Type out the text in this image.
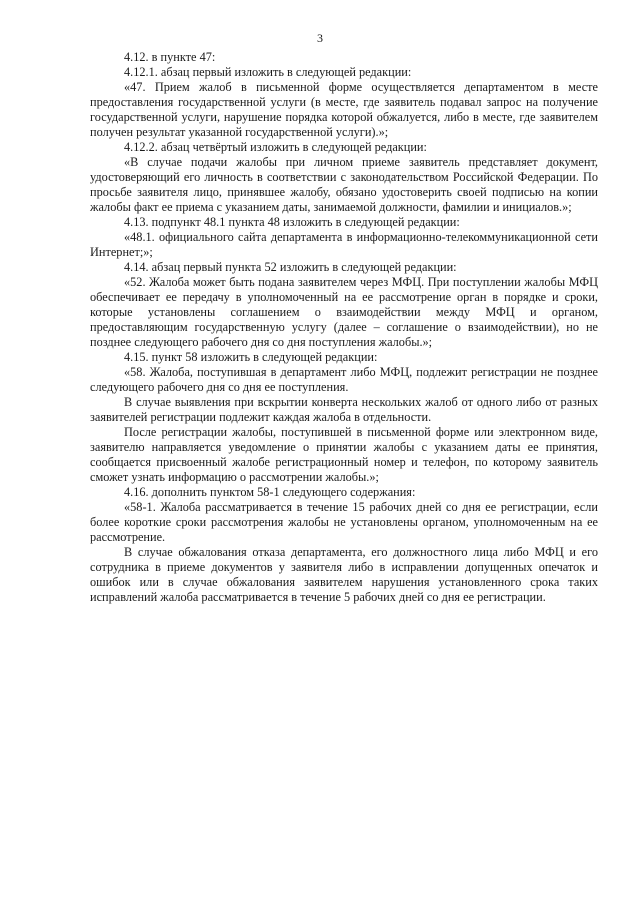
3

4.12. в пункте 47:

4.12.1. абзац первый изложить в следующей редакции:

«47. Прием жалоб в письменной форме осуществляется департаментом в месте предоставления государственной услуги (в месте, где заявитель подавал запрос на получение государственной услуги, нарушение порядка которой обжалуется, либо в месте, где заявителем получен результат указанной государственной услуги).»;

4.12.2. абзац четвёртый изложить в следующей редакции:

«В случае подачи жалобы при личном приеме заявитель представляет документ, удостоверяющий его личность в соответствии с законодательством Российской Федерации. По просьбе заявителя лицо, принявшее жалобу, обязано удостоверить своей подписью на копии жалобы факт ее приема с указанием даты, занимаемой должности, фамилии и инициалов.»;

4.13. подпункт 48.1 пункта 48 изложить в следующей редакции:

«48.1. официального сайта департамента в информационно-телекоммуникационной сети Интернет;»;

4.14. абзац первый пункта 52 изложить в следующей редакции:

«52. Жалоба может быть подана заявителем через МФЦ. При поступлении жалобы МФЦ обеспечивает ее передачу в уполномоченный на ее рассмотрение орган в порядке и сроки, которые установлены соглашением о взаимодействии между МФЦ и органом, предоставляющим государственную услугу (далее – соглашение о взаимодействии), но не позднее следующего рабочего дня со дня поступления жалобы.»;

4.15. пункт 58 изложить в следующей редакции:

«58. Жалоба, поступившая в департамент либо МФЦ, подлежит регистрации не позднее следующего рабочего дня со дня ее поступления.

В случае выявления при вскрытии конверта нескольких жалоб от одного либо от разных заявителей регистрации подлежит каждая жалоба в отдельности.

После регистрации жалобы, поступившей в письменной форме или электронном виде, заявителю направляется уведомление о принятии жалобы с указанием даты ее принятия, сообщается присвоенный жалобе регистрационный номер и телефон, по которому заявитель сможет узнать информацию о рассмотрении жалобы.»;

4.16. дополнить пунктом 58-1 следующего содержания:

«58-1. Жалоба рассматривается в течение 15 рабочих дней со дня ее регистрации, если более короткие сроки рассмотрения жалобы не установлены органом, уполномоченным на ее рассмотрение.

В случае обжалования отказа департамента, его должностного лица либо МФЦ и его сотрудника в приеме документов у заявителя либо в исправлении допущенных опечаток и ошибок или в случае обжалования заявителем нарушения установленного срока таких исправлений жалоба рассматривается в течение 5 рабочих дней со дня ее регистрации.
